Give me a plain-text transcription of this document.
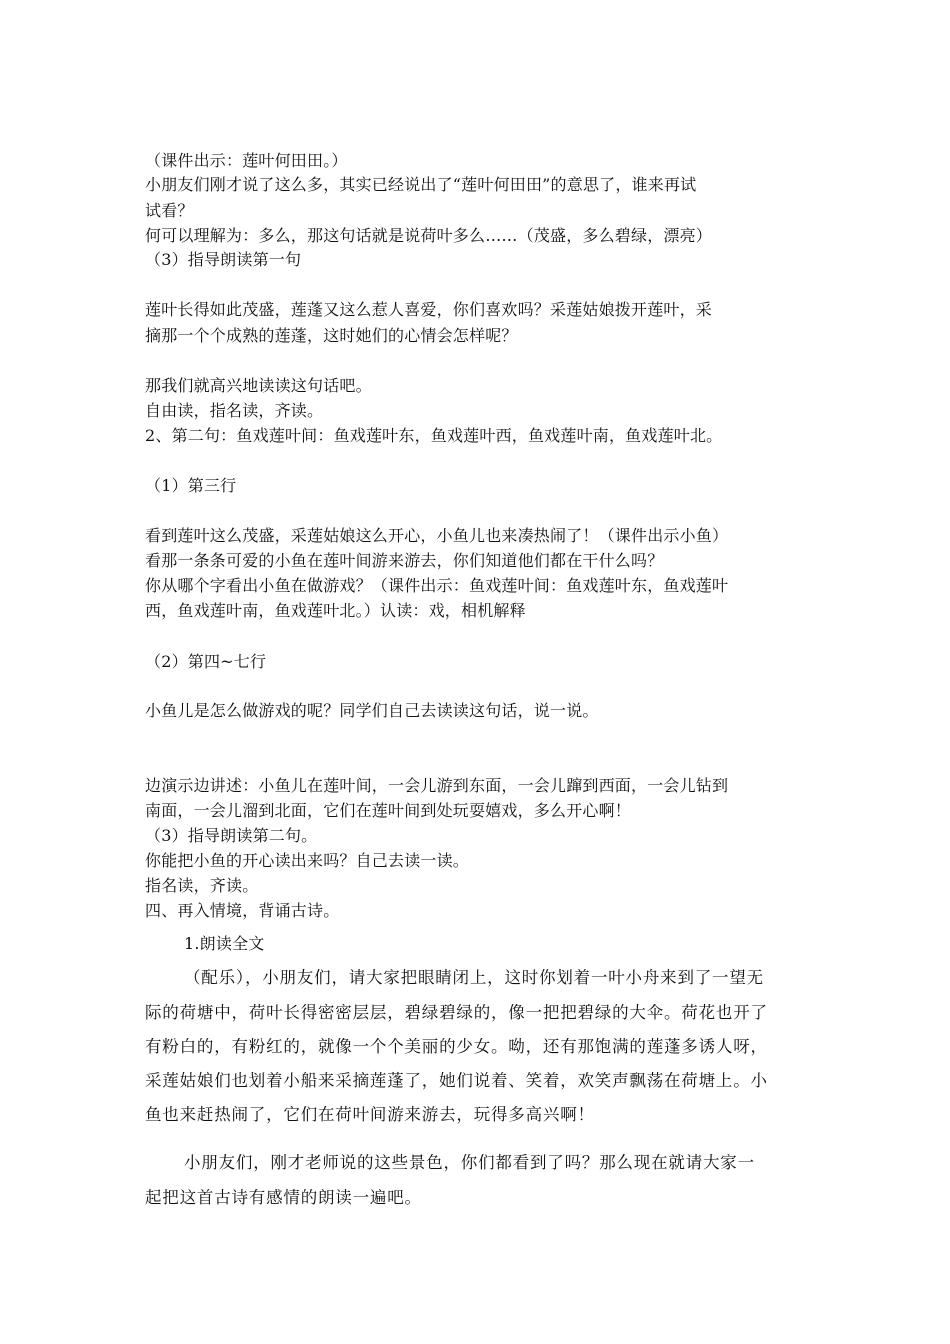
（课件出示：莲叶何田田。）
小朋友们刚才说了这么多，其实已经说出了“莲叶何田田”的意思了，谁来再试
试看？
何可以理解为：多么，那这句话就是说荷叶多么……（茂盛，多么碧绿，漂亮）
（3）指导朗读第一句
莲叶长得如此茂盛，莲蓬又这么惹人喜爱，你们喜欢吗？采莲姑娘拨开莲叶，采
摘那一个个成熟的莲蓬，这时她们的心情会怎样呢？
那我们就高兴地读读这句话吧。
自由读，指名读，齐读。
2、第二句：鱼戏莲叶间：鱼戏莲叶东，鱼戏莲叶西，鱼戏莲叶南，鱼戏莲叶北。
（1）第三行
看到莲叶这么茂盛，采莲姑娘这么开心，小鱼儿也来凑热闹了！（课件出示小鱼）
看那一条条可爱的小鱼在莲叶间游来游去，你们知道他们都在干什么吗？
你从哪个字看出小鱼在做游戏？（课件出示：鱼戏莲叶间：鱼戏莲叶东，鱼戏莲叶
西，鱼戏莲叶南，鱼戏莲叶北。）认读：戏，相机解释
（2）第四~七行
小鱼儿是怎么做游戏的呢？同学们自己去读读这句话，说一说。
边演示边讲述：小鱼儿在莲叶间，一会儿游到东面，一会儿蹿到西面，一会儿钻到
南面，一会儿溜到北面，它们在莲叶间到处玩耍嬉戏，多么开心啊！
（3）指导朗读第二句。
你能把小鱼的开心读出来吗？自己去读一读。
指名读，齐读。
四、再入情境，背诵古诗。
1.朗读全文
（配乐），小朋友们，请大家把眼睛闭上，这时你划着一叶小舟来到了一望无
际的荷塘中，荷叶长得密密层层，碧绿碧绿的，像一把把碧绿的大伞。荷花也开了
有粉白的，有粉红的，就像一个个美丽的少女。呦，还有那饱满的莲蓬多诱人呀，
采莲姑娘们也划着小船来采摘莲蓬了，她们说着、笑着，欢笑声飘荡在荷塘上。小
鱼也来赶热闹了，它们在荷叶间游来游去，玩得多高兴啊！
小朋友们，刚才老师说的这些景色，你们都看到了吗？那么现在就请大家一
起把这首古诗有感情的朗读一遍吧。
